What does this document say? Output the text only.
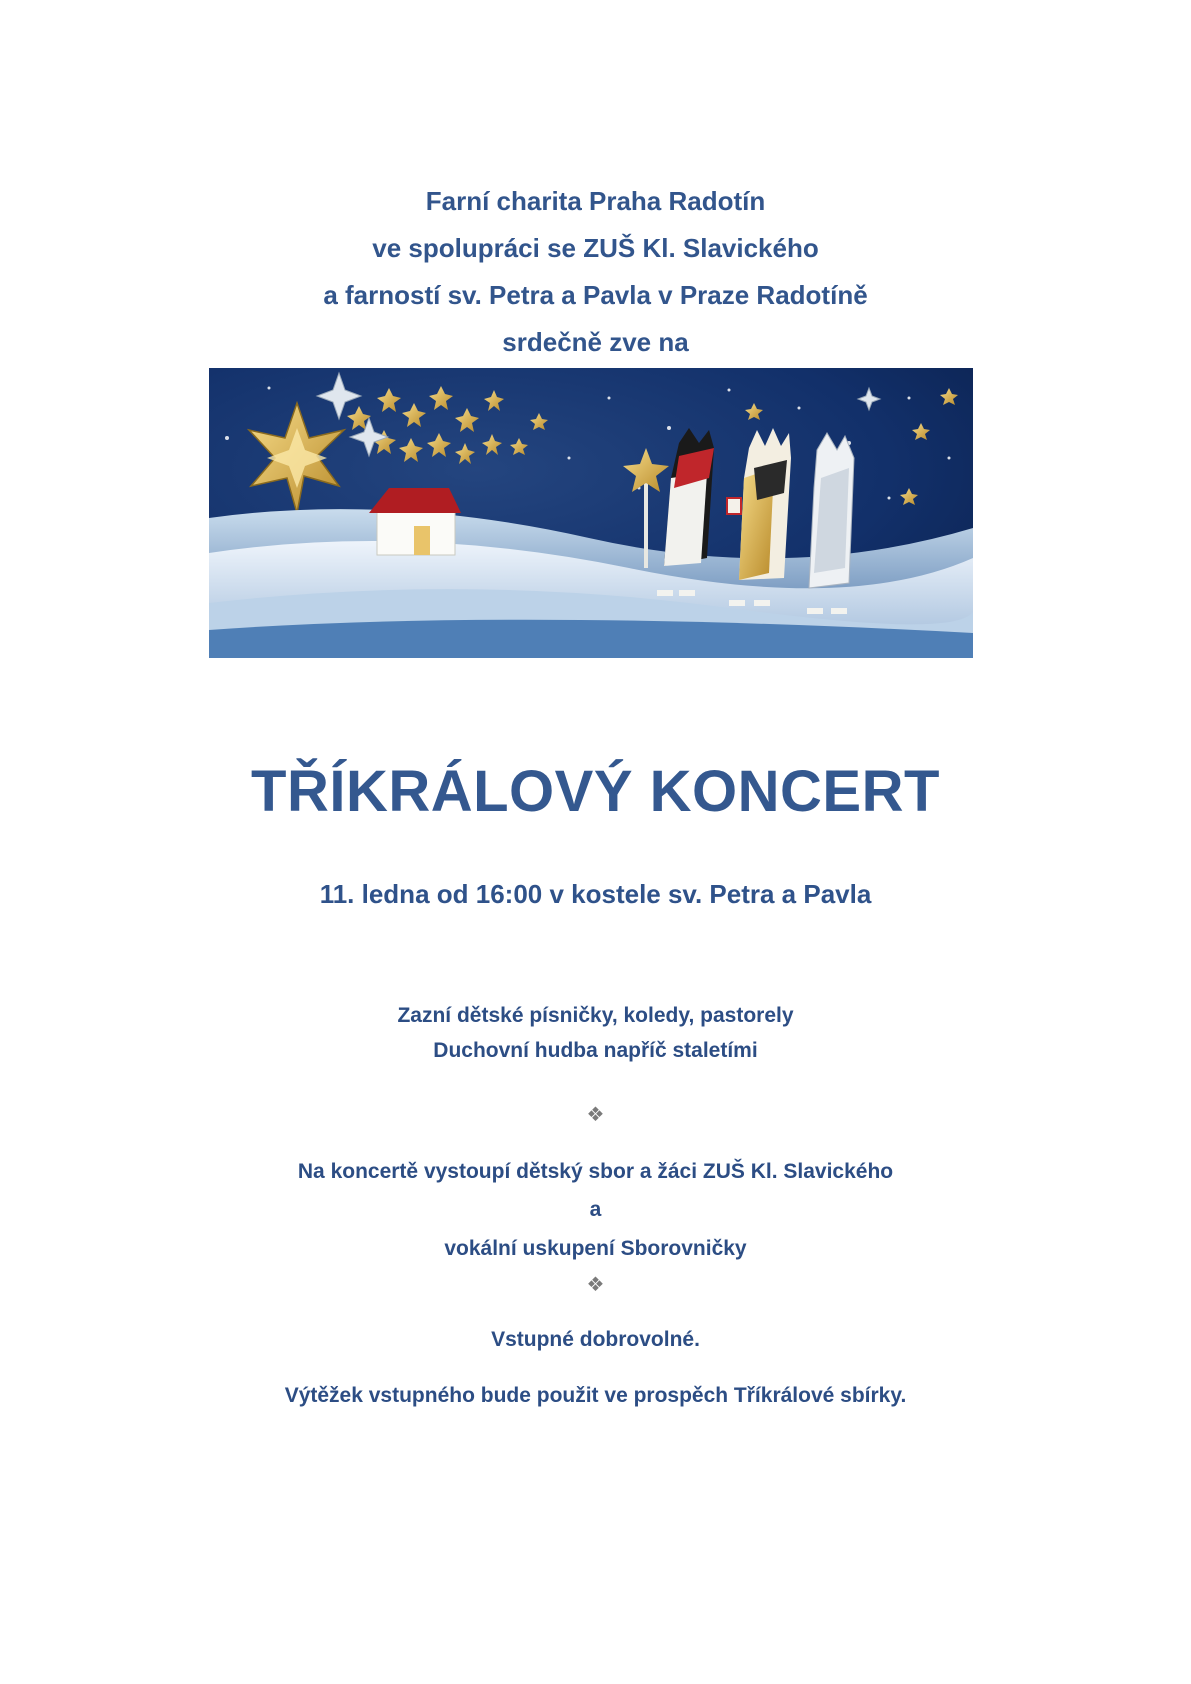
Farní charita Praha Radotín
ve spolupráci se ZUŠ Kl. Slavického
a farností sv. Petra a Pavla v Praze Radotíně
srdečně zve na
TŘÍKRÁLOVÝ KONCERT
11. ledna od 16:00 v kostele sv. Petra a Pavla
Zazní dětské písničky, koledy, pastorely
Duchovní hudba napříč staletími
❖
Na koncertě vystoupí dětský sbor a žáci ZUŠ Kl. Slavického
a
vokální uskupení Sborovničky
❖
Vstupné dobrovolné.
Výtěžek vstupného bude použit ve prospěch Tříkrálové sbírky.
